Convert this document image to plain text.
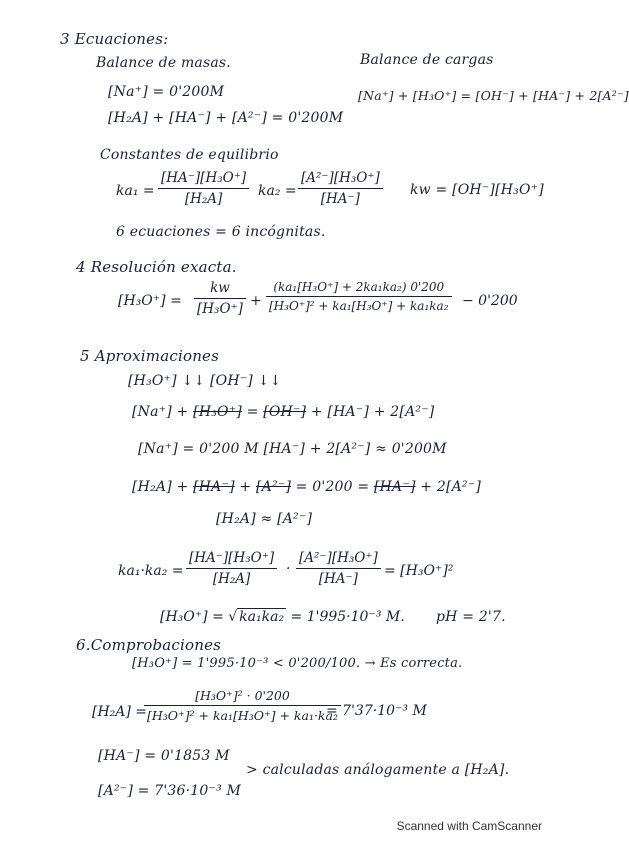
3 Ecuaciones:
Balance de masas.	Balance de cargas
[Na⁺] = 0'200M	[Na⁺] + [H₃O⁺] = [OH⁻] + [HA⁻] + 2[A²⁻]
[H₂A] + [HA⁻] + [A²⁻] = 0'200M
Constantes de equilibrio
$ka_1 = \frac{\text{[HA⁻][H₃O⁺]}}{\text{[H₂A]}} ka_2 = \frac{\text{[A²⁻][H₃O⁺]}}{[HA^-]}$ kw = [OH⁻][H₃O⁺]
6 ecuaciones = 6 incógnitas.
4 Resolución exacta.
$[H_3O^+] = \frac{kw}{\text{[H₃O⁺]}} + \frac{\text{(ka₁[H₃O⁺] + 2ka₁ka₂) 0'200}}{\text{[H₃O⁺]² + ka₁[H₃O⁺] + ka₁ka₂}} - 0'200$
5 Aproximaciones
[H₃O⁺] ↓↓ [OH⁻] ↓↓
[Na⁺] + [H₃O⁺] = [OH⁻] + [HA⁻] + 2[A²⁻]
[Na⁺] = 0'200 M [HA⁻] + 2[A²⁻] ≈ 0'200M
[H₂A] + [HA⁻] + [A²⁻] = 0'200 = [HA⁻] + 2[A²⁻]
[H₂A] ≈ [A²⁻]
$ka_1\cdot ka_2 = \frac{\text{[HA⁻][H₃O⁺]}}{\text{[H₂A]}} \cdot \frac{\text{[A²⁻][H₃O⁺]}}{[HA^-]} = [H_3O^+]^2$
[H₃O⁺] = √ ka₁ka₂ = 1'995·10⁻³ M. pH = 2'7.
6.Comprobaciones
[H₃O⁺] = 1'995·10⁻³ < 0'200/100. → Es correcta.
[H₂A] =
$\frac{\text{[H₃O⁺]² · 0'200}}{\text{[H₃O⁺]² + ka₁[H₃O⁺] + ka₁·ka₂}}$
= 7'37·10⁻³ M
[HA⁻] = 0'1853 M
> calculadas análogamente a [H₂A].
[A²⁻] = 7'36·10⁻³ M
Scanned with CamScanner
